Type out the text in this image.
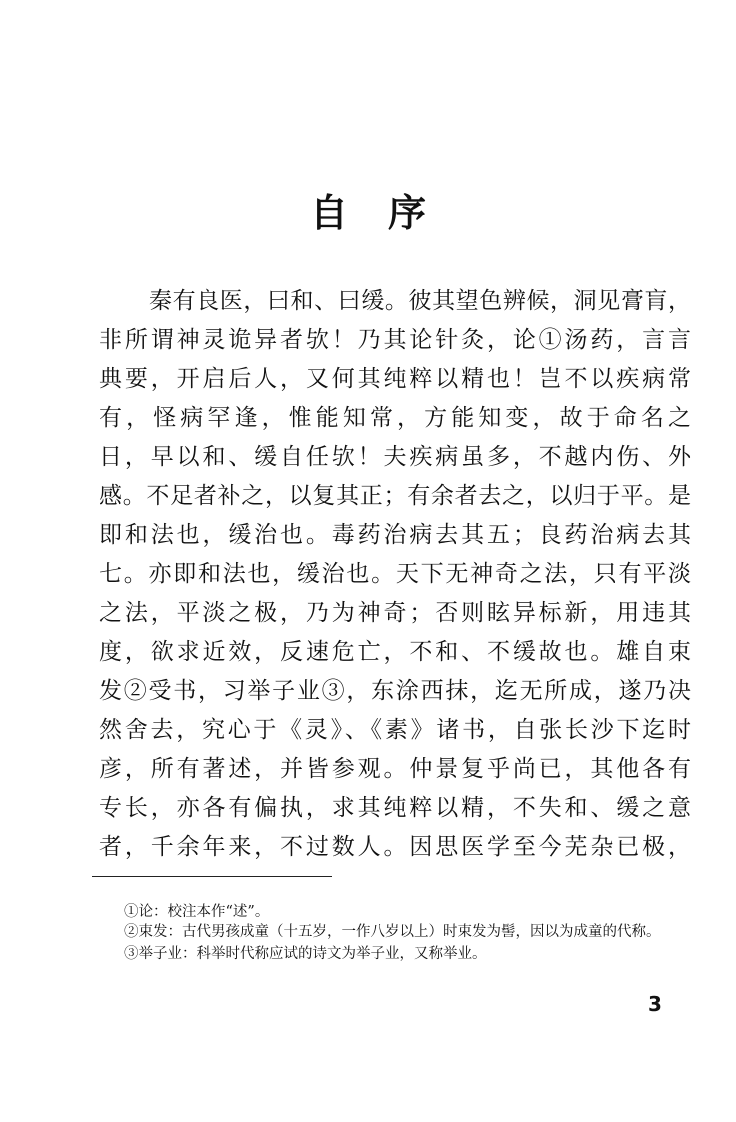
自序
秦有良医，曰和、曰缓。彼其望色辨候，洞见膏肓，
非所谓神灵诡异者欤！乃其论针灸，论①汤药，言言
典要，开启后人，又何其纯粹以精也！岂不以疾病常
有，怪病罕逢，惟能知常，方能知变，故于命名之
日，早以和、缓自任欤！夫疾病虽多，不越内伤、外
感。不足者补之，以复其正；有余者去之，以归于平。是
即和法也，缓治也。毒药治病去其五；良药治病去其
七。亦即和法也，缓治也。天下无神奇之法，只有平淡
之法，平淡之极，乃为神奇；否则眩异标新，用违其
度，欲求近效，反速危亡，不和、不缓故也。雄自束
发②受书，习举子业③，东涂西抹，迄无所成，遂乃决
然舍去，究心于《灵》、《素》诸书，自张长沙下迄时
彦，所有著述，并皆参观。仲景复乎尚已，其他各有
专长，亦各有偏执，求其纯粹以精，不失和、缓之意
者，千余年来，不过数人。因思医学至今芜杂已极，

①论：校注本作“述”。

②束发：古代男孩成童（十五岁，一作八岁以上）时束发为髻，因以为成童的代称。

③举子业：科举时代称应试的诗文为举子业，又称举业。

3
